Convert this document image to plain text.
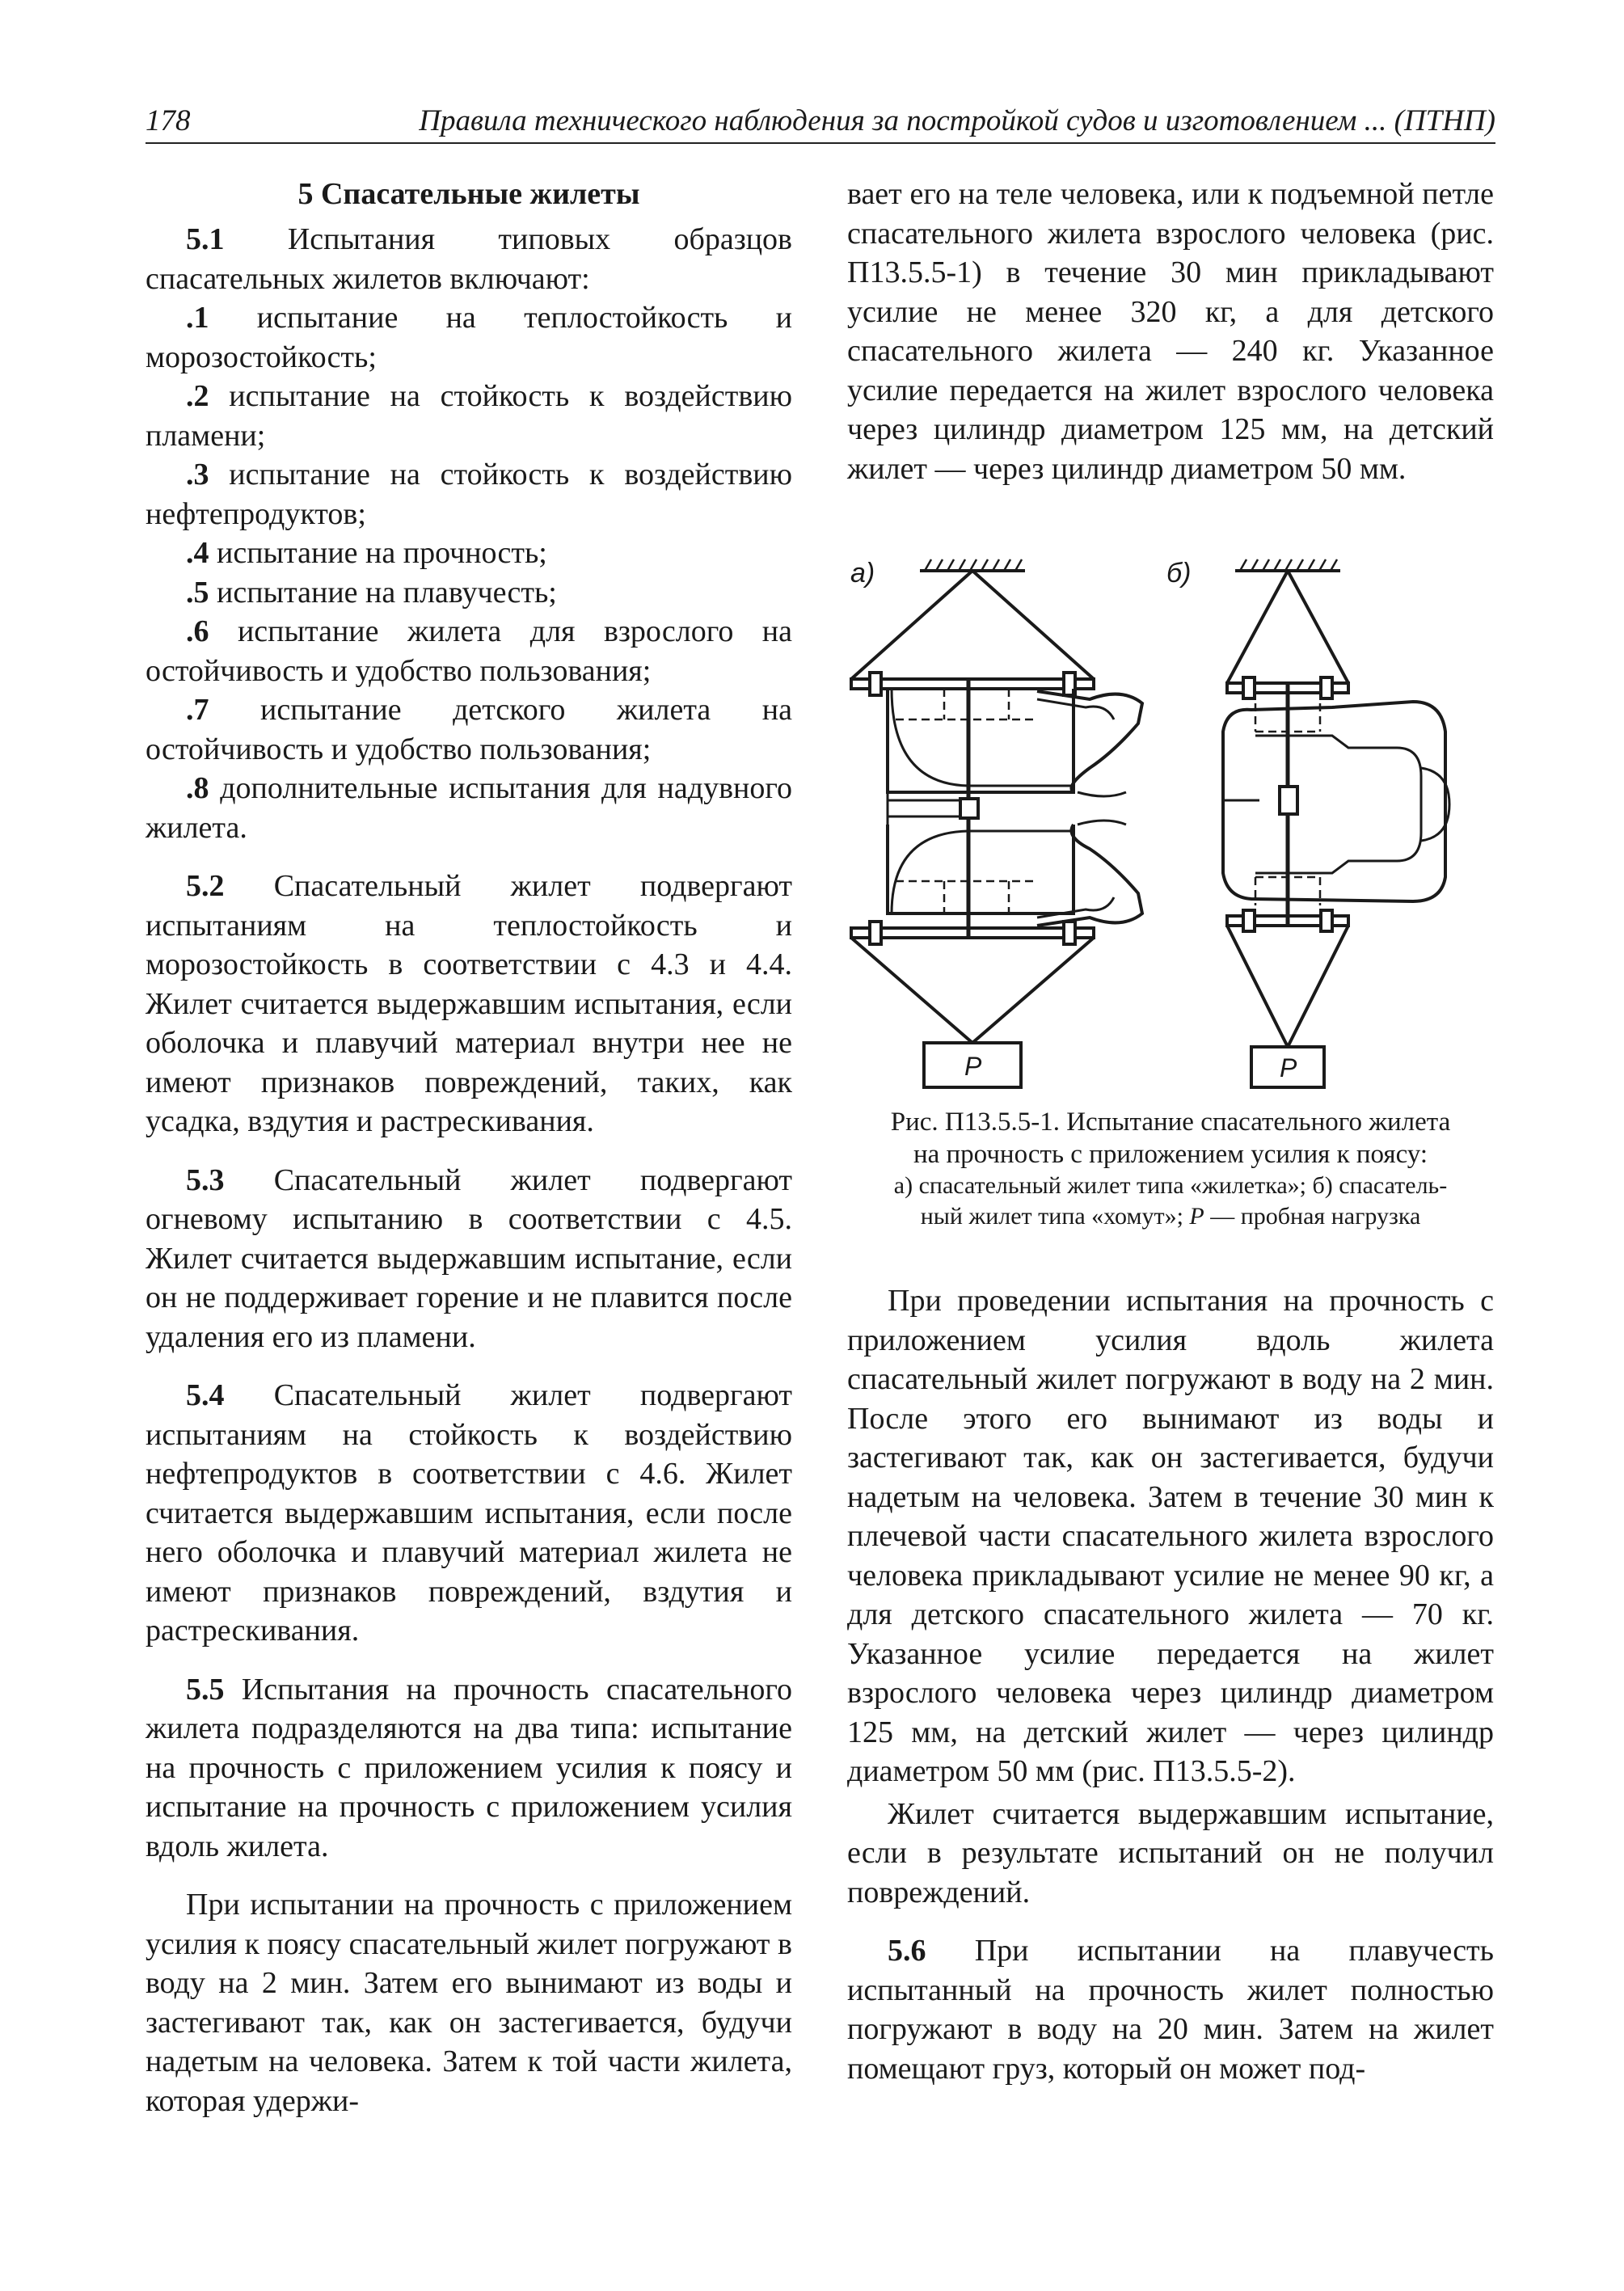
178	Правила технического наблюдения за постройкой судов и изготовлением ... (ПТНП)
5 Спасательные жилеты

5.1 Испытания типовых образцов спасательных жилетов включают:

.1 испытание на теплостойкость и морозостойкость;

.2 испытание на стойкость к воздействию пламени;

.3 испытание на стойкость к воздействию нефтепродуктов;

.4 испытание на прочность;

.5 испытание на плавучесть;

.6 испытание жилета для взрослого на остойчивость и удобство пользования;

.7 испытание детского жилета на остойчивость и удобство пользования;

.8 дополнительные испытания для надувного жилета.

5.2 Спасательный жилет подвергают испытаниям на теплостойкость и морозостойкость в соответствии с 4.3 и 4.4. Жилет считается выдержавшим испытания, если оболочка и плавучий материал внутри нее не имеют признаков повреждений, таких, как усадка, вздутия и растрескивания.

5.3 Спасательный жилет подвергают огневому испытанию в соответствии с 4.5. Жилет считается выдержавшим испытание, если он не поддерживает горение и не плавится после удаления его из пламени.

5.4 Спасательный жилет подвергают испытаниям на стойкость к воздействию нефтепродуктов в соответствии с 4.6. Жилет считается выдержавшим испытания, если после него оболочка и плавучий материал жилета не имеют признаков повреждений, вздутия и растрескивания.

5.5 Испытания на прочность спасательного жилета подразделяются на два типа: испытание на прочность с приложением усилия к поясу и испытание на прочность с приложением усилия вдоль жилета.

При испытании на прочность с приложением усилия к поясу спасательный жилет погружают в воду на 2 мин. Затем его вынимают из воды и застегивают так, как он застегивается, будучи надетым на человека. Затем к той части жилета, которая удержи-

вает его на теле человека, или к подъемной петле спасательного жилета взрослого человека (рис. П13.5.5-1) в течение 30 мин прикладывают усилие не менее 320 кг, а для детского спасательного жилета — 240 кг. Указанное усилие передается на жилет взрослого человека через цилиндр диаметром 125 мм, на детский жилет — через цилиндр диаметром 50 мм.

а)
P
б)
P
Рис. П13.5.5-1. Испытание спасательного жилета
на прочность с приложением усилия к поясу:
а) спасательный жилет типа «жилетка»; б) спасатель-
ный жилет типа «хомут»; P — пробная нагрузка

При проведении испытания на прочность с приложением усилия вдоль жилета спасательный жилет погружают в воду на 2 мин. После этого его вынимают из воды и застегивают так, как он застегивается, будучи надетым на человека. Затем в течение 30 мин к плечевой части спасательного жилета взрослого человека прикладывают усилие не менее 90 кг, а для детского спасательного жилета — 70 кг. Указанное усилие передается на жилет взрослого человека через цилиндр диаметром 125 мм, на детский жилет — через цилиндр диаметром 50 мм (рис. П13.5.5-2).

Жилет считается выдержавшим испытание, если в результате испытаний он не получил повреждений.

5.6 При испытании на плавучесть испытанный на прочность жилет полностью погружают в воду на 20 мин. Затем на жилет помещают груз, который он может под-
